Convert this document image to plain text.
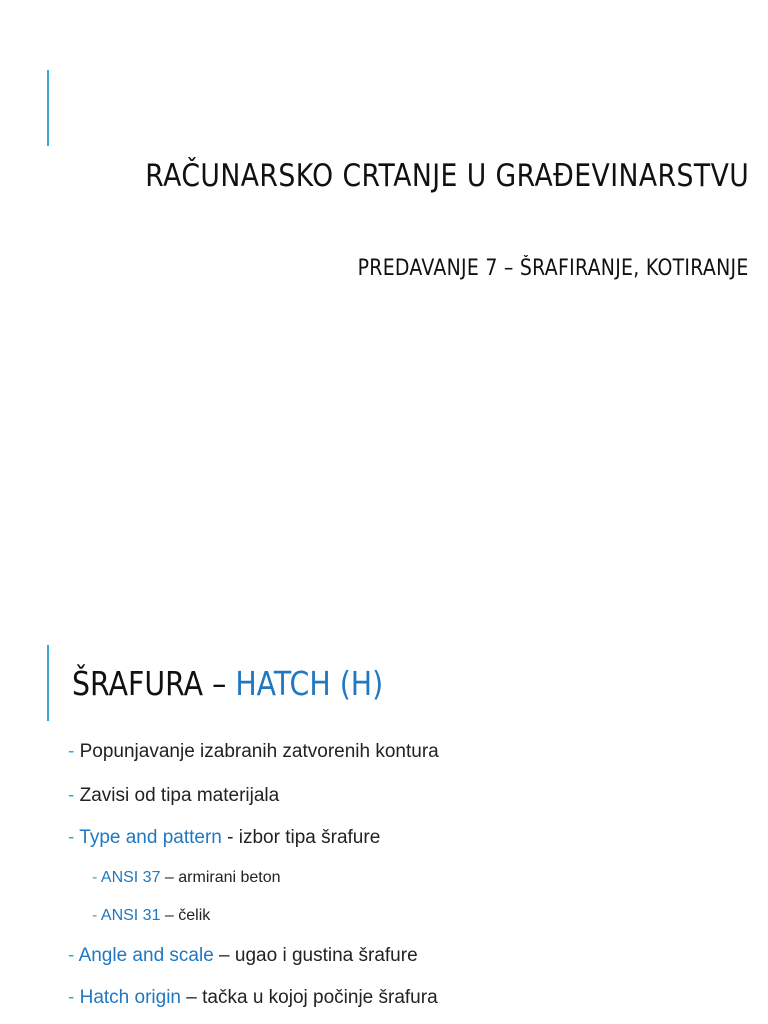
RAČUNARSKO CRTANJE U GRAĐEVINARSTVU
PREDAVANJE 7 – ŠRAFIRANJE, KOTIRANJE
ŠRAFURA – HATCH (H)
- Popunjavanje izabranih zatvorenih kontura
- Zavisi od tipa materijala
- Type and pattern - izbor tipa šrafure
- ANSI 37 – armirani beton
- ANSI 31 – čelik
- Angle and scale – ugao i gustina šrafure
- Hatch origin – tačka u kojoj počinje šrafura
